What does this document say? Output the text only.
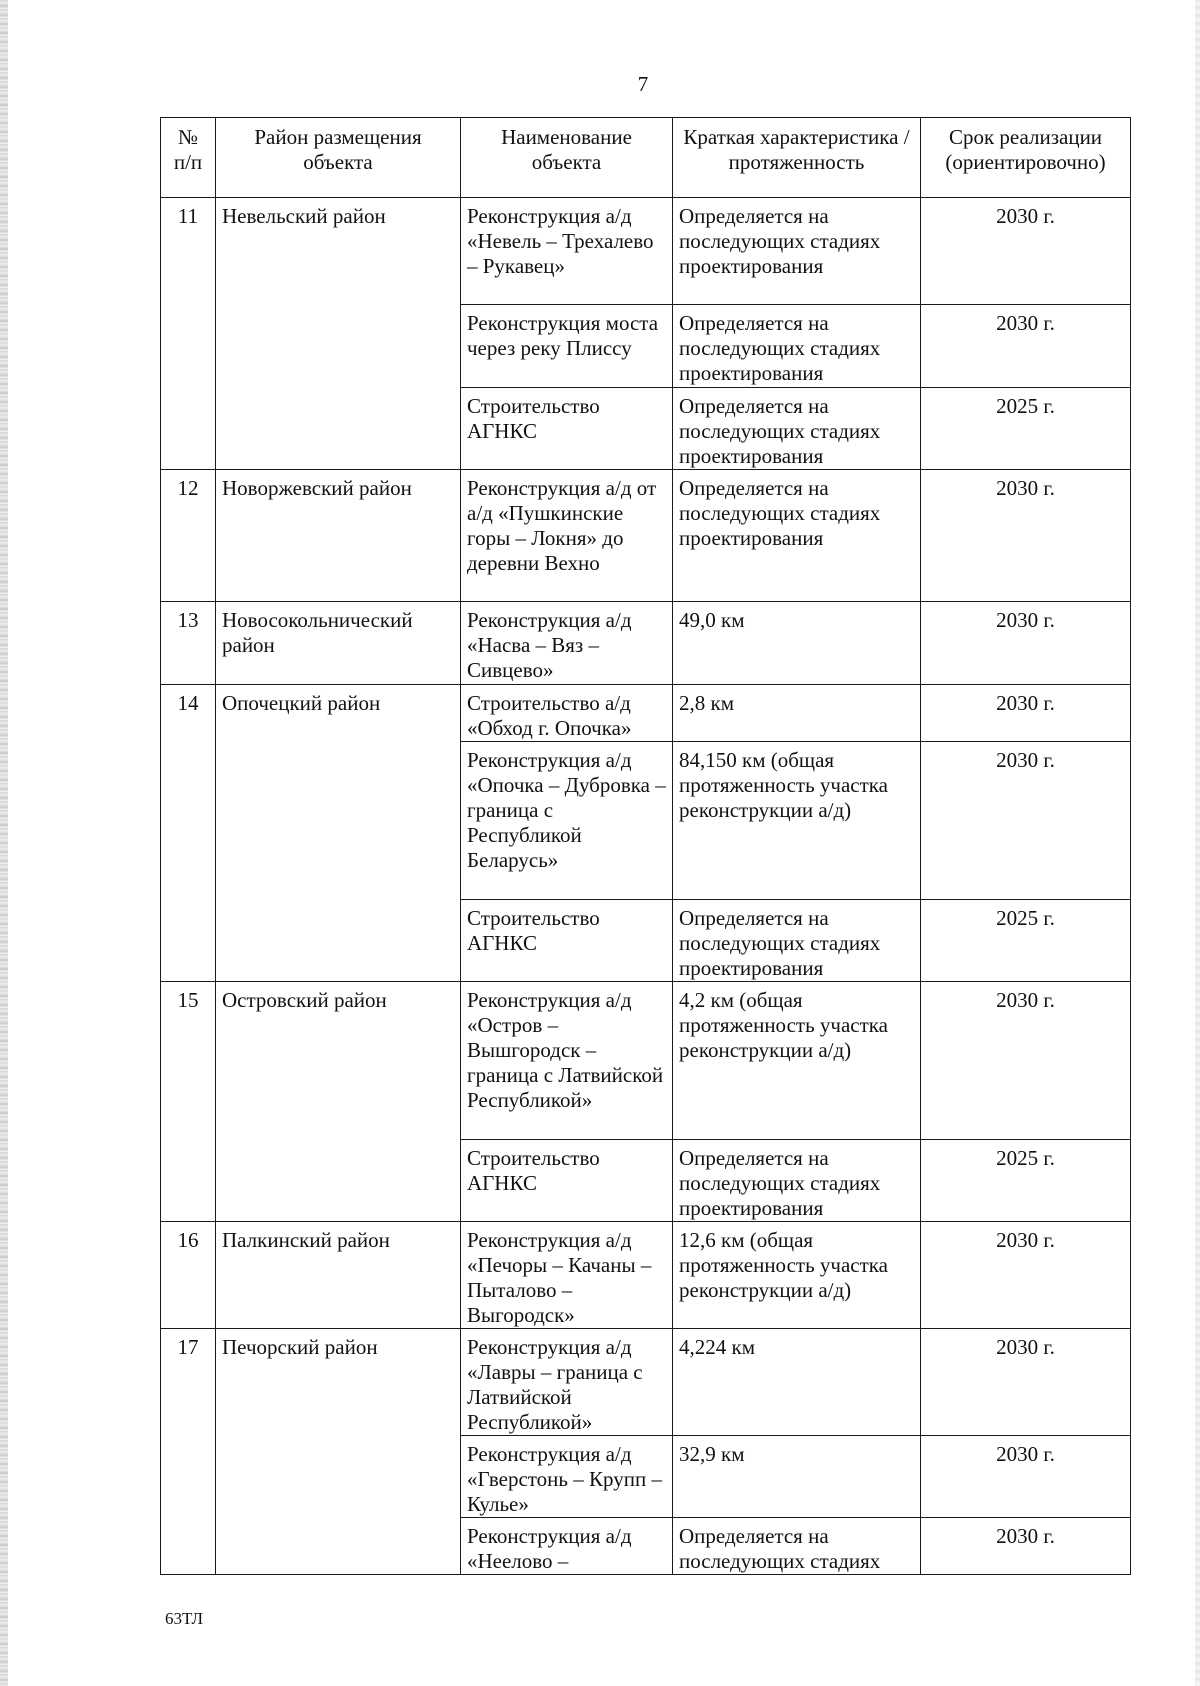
7
№ п/п	Район размещения объекта	Наименование объекта	Краткая характеристика / протяженность	Срок реализации (ориентировочно)
11	Невельский район	Реконструкция а/д «Невель – Трехалево – Рукавец»	Определяется на последующих стадиях проектирования	2030 г.
		Реконструкция моста через реку Плиссу	Определяется на последующих стадиях проектирования	2030 г.
		Строительство АГНКС	Определяется на последующих стадиях проектирования	2025 г.
12	Новоржевский район	Реконструкция а/д от а/д «Пушкинские горы – Локня» до деревни Вехно	Определяется на последующих стадиях проектирования	2030 г.
13	Новосокольнический район	Реконструкция а/д «Насва – Вяз – Сивцево»	49,0 км	2030 г.
14	Опочецкий район	Строительство а/д «Обход г. Опочка»	2,8 км	2030 г.
		Реконструкция а/д «Опочка – Дубровка – граница с Республикой Беларусь»	84,150 км (общая протяженность участка реконструкции а/д)	2030 г.
		Строительство АГНКС	Определяется на последующих стадиях проектирования	2025 г.
15	Островский район	Реконструкция а/д «Остров – Вышгородск – граница с Латвийской Республикой»	4,2 км (общая протяженность участка реконструкции а/д)	2030 г.
		Строительство АГНКС	Определяется на последующих стадиях проектирования	2025 г.
16	Палкинский район	Реконструкция а/д «Печоры – Качаны – Пыталово – Выгородск»	12,6 км (общая протяженность участка реконструкции а/д)	2030 г.
17	Печорский район	Реконструкция а/д «Лавры – граница с Латвийской Республикой»	4,224 км	2030 г.
		Реконструкция а/д «Гверстонь – Крупп – Кулье»	32,9 км	2030 г.
		Реконструкция а/д «Неелово –	Определяется на последующих стадиях	2030 г.
63ТЛ
